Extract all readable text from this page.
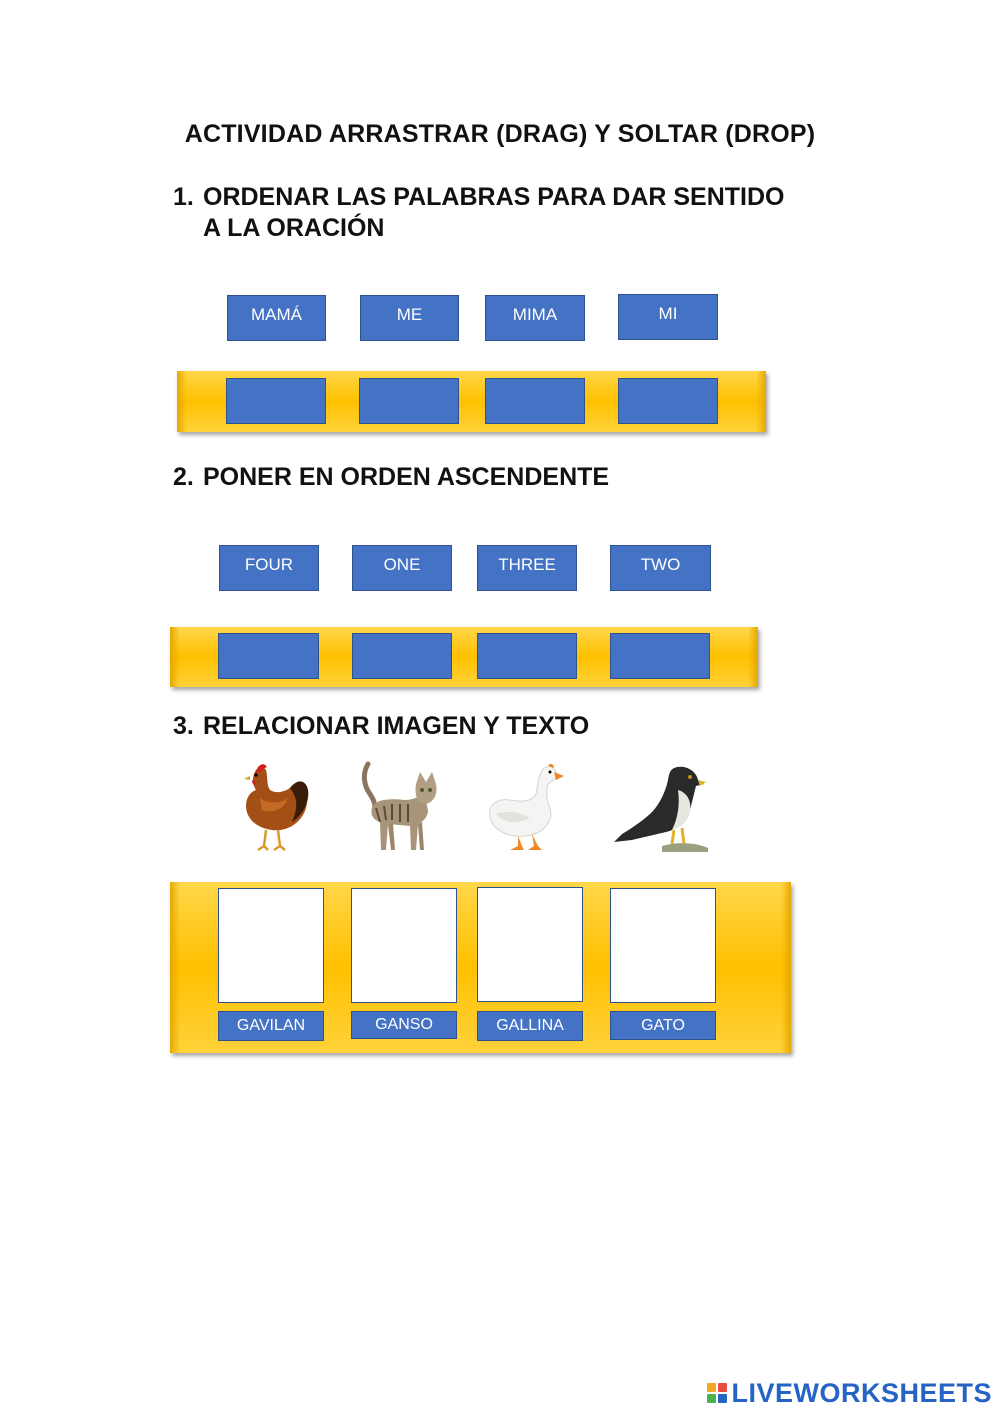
ACTIVIDAD ARRASTRAR (DRAG) Y SOLTAR (DROP)
1. ORDENAR LAS PALABRAS PARA DAR SENTIDO
A LA ORACIÓN
MAMÁ	ME	MIMA	MI
2. PONER EN ORDEN ASCENDENTE
FOUR	ONE	THREE	TWO
3. RELACIONAR IMAGEN Y TEXTO
GAVILAN	GANSO	GALLINA	GATO
LIVEWORKSHEETS
